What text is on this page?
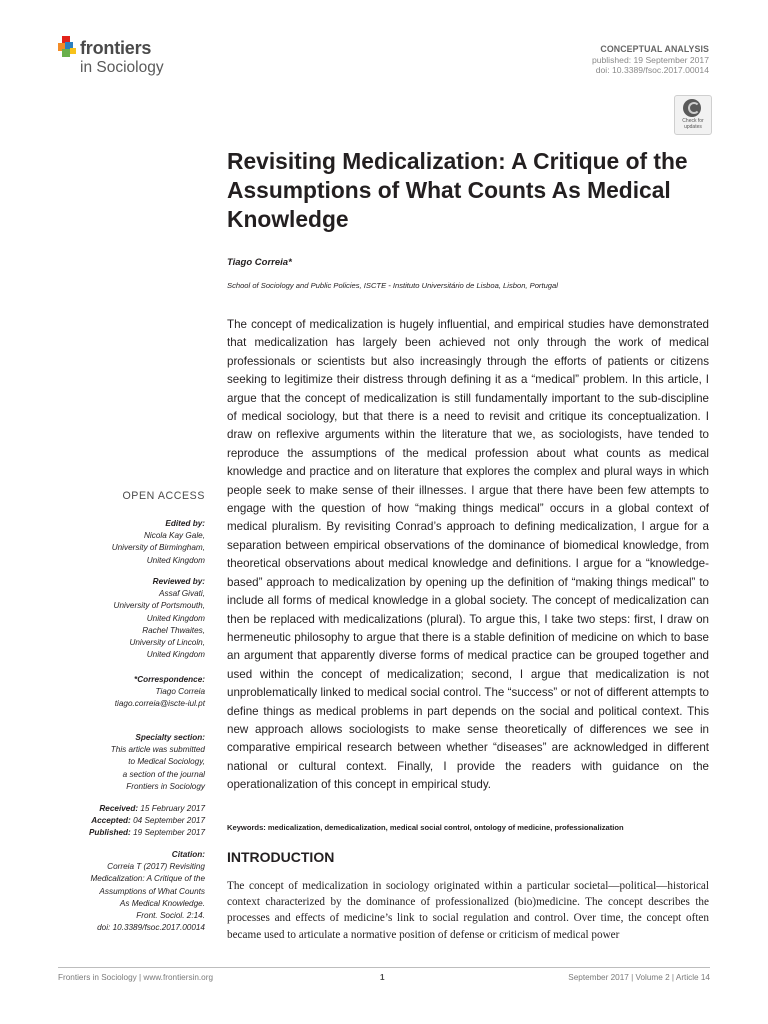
frontiers
in Sociology
CONCEPTUAL ANALYSIS
published: 19 September 2017
doi: 10.3389/fsoc.2017.00014
Check for updates
Revisiting Medicalization: A Critique of the Assumptions of What Counts As Medical Knowledge
Tiago Correia*
School of Sociology and Public Policies, ISCTE - Instituto Universitário de Lisboa, Lisbon, Portugal

The concept of medicalization is hugely influential, and empirical studies have demonstrated that medicalization has largely been achieved not only through the work of medical professionals or scientists but also increasingly through the efforts of patients or citizens seeking to legitimize their distress through defining it as a “medical” problem. In this article, I argue that the concept of medicalization is still fundamentally important to the sub-discipline of medical sociology, but that there is a need to revisit and critique its conceptualization. I draw on reflexive arguments within the literature that we, as sociologists, have tended to reproduce the assumptions of the medical profession about what counts as medical knowledge and practice and on literature that explores the complex and plural ways in which people seek to make sense of their illnesses. I argue that there have been few attempts to engage with the question of how “making things medical” occurs in a global context of medical pluralism. By revisiting Conrad’s approach to defining medicalization, I argue for a separation between empirical observations of the dominance of biomedical knowledge, from theoretical observations about medical knowledge and definitions. I argue for a “knowledge-based” approach to medicalization by opening up the definition of “making things medical” to include all forms of medical knowledge in a global society. The concept of medicalization can then be replaced with medicalizations (plural). To argue this, I take two steps: first, I draw on hermeneutic philosophy to argue that there is a stable definition of medicine on which to base an argument that apparently diverse forms of medical practice can be grouped together and used within the concept of medicalization; second, I argue that medicalization is not unproblematically linked to medical social control. The “success” or not of different attempts to define things as medical problems in part depends on the social and political context. This new approach allows sociologists to make sense theoretically of differences we see in comparative empirical research between whether “diseases” are acknowledged in different national or cultural context. Finally, I provide the readers with guidance on the operationalization of this concept in empirical study.

Keywords: medicalization, demedicalization, medical social control, ontology of medicine, professionalization
INTRODUCTION

The concept of medicalization in sociology originated within a particular societal—political—historical context characterized by the dominance of professionalized (bio)medicine. The concept describes the processes and effects of medicine’s link to social regulation and control. Over time, the concept often became used to articulate a normative position of defense or criticism of medical power

OPEN ACCESS
Edited by:
Nicola Kay Gale,
University of Birmingham,
United Kingdom
Reviewed by:
Assaf Givati,
University of Portsmouth,
United Kingdom
Rachel Thwaites,
University of Lincoln,
United Kingdom
*Correspondence:
Tiago Correia
tiago.correia@iscte-iul.pt
Specialty section:
This article was submitted
to Medical Sociology,
a section of the journal
Frontiers in Sociology
Received: 15 February 2017
Accepted: 04 September 2017
Published: 19 September 2017
Citation:
Correia T (2017) Revisiting
Medicalization: A Critique of the
Assumptions of What Counts
As Medical Knowledge.
Front. Sociol. 2:14.
doi: 10.3389/fsoc.2017.00014
Frontiers in Sociology | www.frontiersin.org	1	September 2017 | Volume 2 | Article 14
